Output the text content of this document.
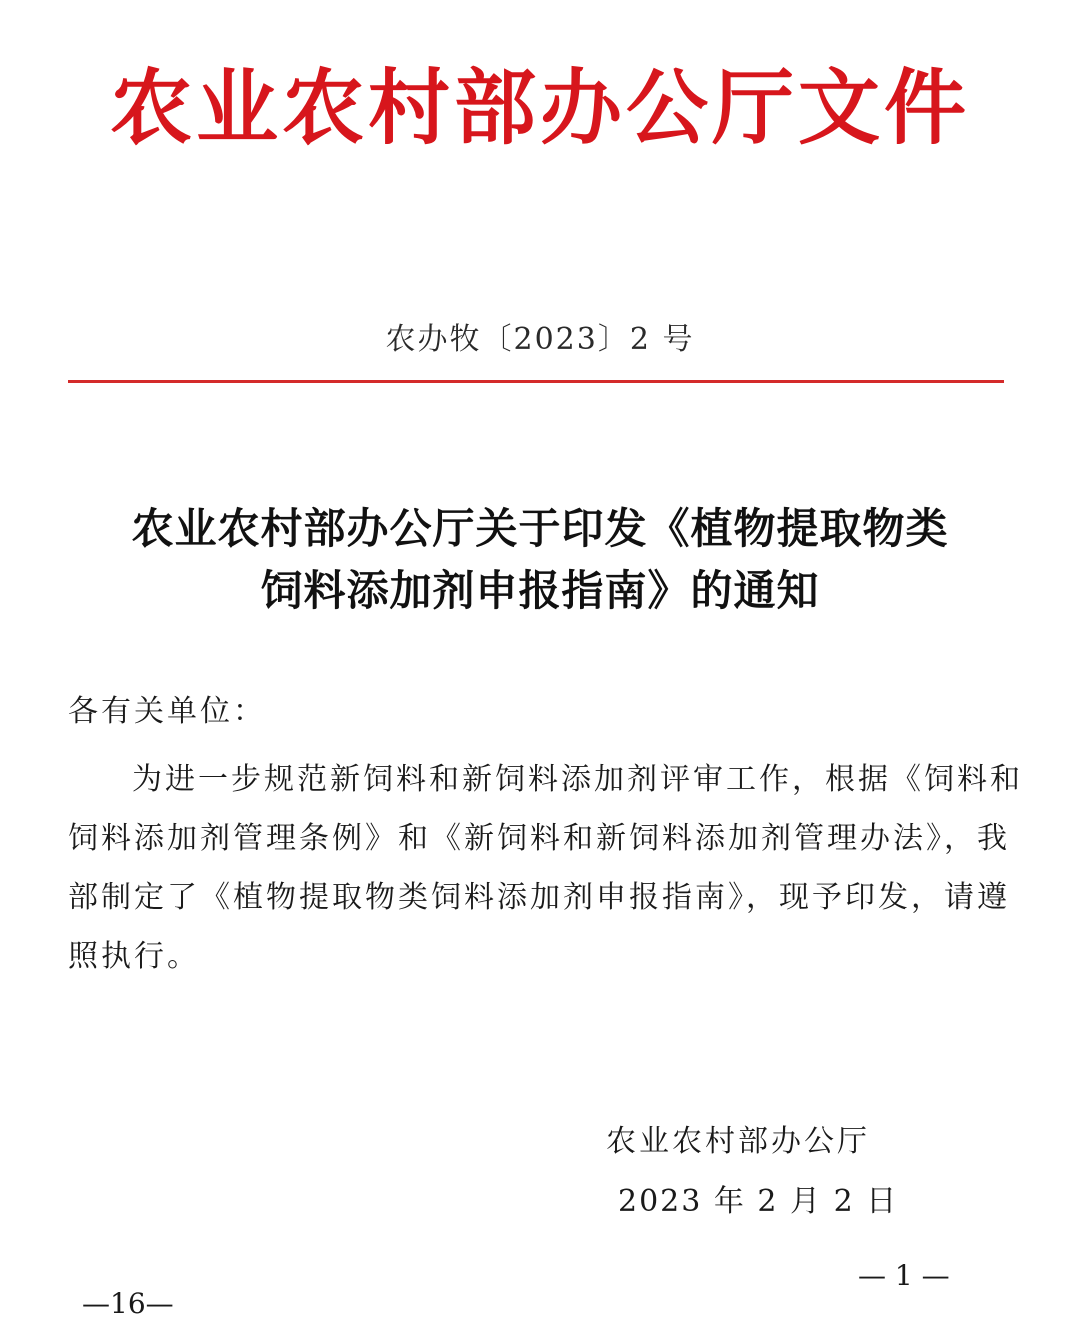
农业农村部办公厅文件
农办牧〔2023〕2 号
农业农村部办公厅关于印发《植物提取物类
饲料添加剂申报指南》的通知
各有关单位：
为进一步规范新饲料和新饲料添加剂评审工作，根据《饲料和
饲料添加剂管理条例》和《新饲料和新饲料添加剂管理办法》，我
部制定了《植物提取物类饲料添加剂申报指南》，现予印发，请遵
照执行。
农业农村部办公厅
2023 年 2 月 2 日
— 1 —
—16—
